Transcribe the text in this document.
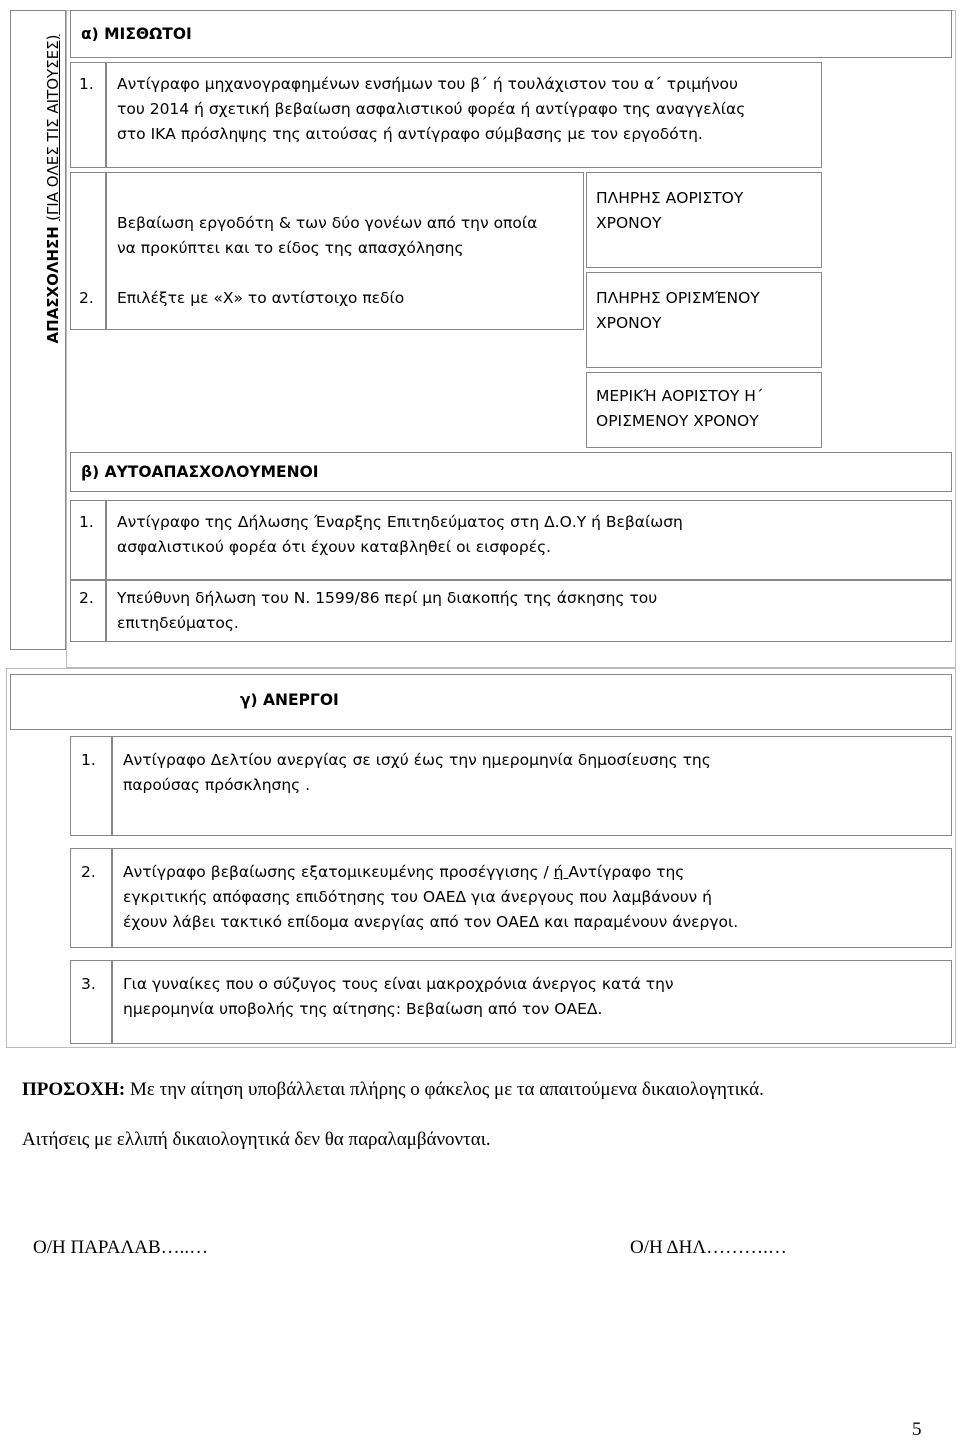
ΑΠΑΣΧΟΛΗΣΗ (ΓΙΑ ΟΛΕΣ ΤΙΣ ΑΙΤΟΥΣΕΣ)
α) ΜΙΣΘΩΤΟΙ
1. Αντίγραφο μηχανογραφημένων ενσήμων του β΄ ή τουλάχιστον του α΄ τριμήνου
του 2014 ή σχετική βεβαίωση ασφαλιστικού φορέα ή αντίγραφο της αναγγελίας
στο ΙΚΑ πρόσληψης της αιτούσας ή αντίγραφο σύμβασης με τον εργοδότη.
2.
Βεβαίωση εργοδότη & των δύο γονέων από την οποία
να προκύπτει και το είδος της απασχόλησης
Επιλέξτε με «Χ» το αντίστοιχο πεδίο
ΠΛΗΡΗΣ ΑΟΡΙΣΤΟΥ
ΧΡΟΝΟΥ
ΠΛΗΡΗΣ ΟΡΙΣΜΈΝΟΥ
ΧΡΟΝΟΥ
ΜΕΡΙΚΉ ΑΟΡΙΣΤΟΥ Η΄
ΟΡΙΣΜΕΝΟΥ ΧΡΟΝΟΥ
β) ΑΥΤΟΑΠΑΣΧΟΛΟΥΜΕΝΟΙ
1. Αντίγραφο της Δήλωσης Έναρξης Επιτηδεύματος στη Δ.Ο.Υ ή Βεβαίωση
ασφαλιστικού φορέα ότι έχουν καταβληθεί οι εισφορές.
2. Υπεύθυνη δήλωση του Ν. 1599/86 περί μη διακοπής της άσκησης του
επιτηδεύματος.
γ) ΑΝΕΡΓΟΙ
1. Αντίγραφο Δελτίου ανεργίας σε ισχύ έως την ημερομηνία δημοσίευσης της
παρούσας πρόσκλησης .
2. Αντίγραφο βεβαίωσης εξατομικευμένης προσέγγισης / ή Αντίγραφο της
εγκριτικής απόφασης επιδότησης του ΟΑΕΔ για άνεργους που λαμβάνουν ή
έχουν λάβει τακτικό επίδομα ανεργίας από τον ΟΑΕΔ και παραμένουν άνεργοι.
3. Για γυναίκες που ο σύζυγος τους είναι μακροχρόνια άνεργος κατά την
ημερομηνία υποβολής της αίτησης: Βεβαίωση από τον ΟΑΕΔ.
ΠΡΟΣΟΧΗ: Με την αίτηση υποβάλλεται πλήρης ο φάκελος με τα απαιτούμενα δικαιολογητικά.
Αιτήσεις με ελλιπή δικαιολογητικά δεν θα παραλαμβάνονται.
Ο/Η ΠΑΡΑΛΑΒ…..…	Ο/Η ΔΗΛ……….…
5
